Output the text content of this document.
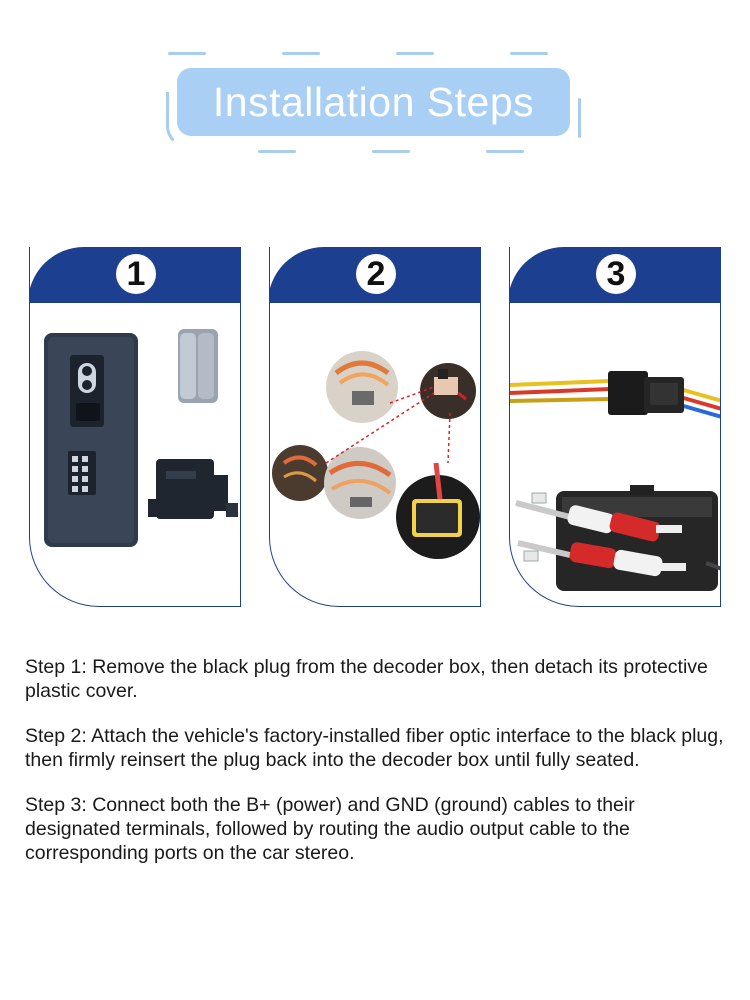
Installation Steps
1	2	3

Step 1: Remove the black plug from the decoder box, then detach its protective plastic cover.

Step 2: Attach the vehicle's factory-installed fiber optic interface to the black plug, then firmly reinsert the plug back into the decoder box until fully seated.

Step 3: Connect both the B+ (power) and GND (ground) cables to their designated terminals, followed by routing the audio output cable to the corresponding ports on the car stereo.
